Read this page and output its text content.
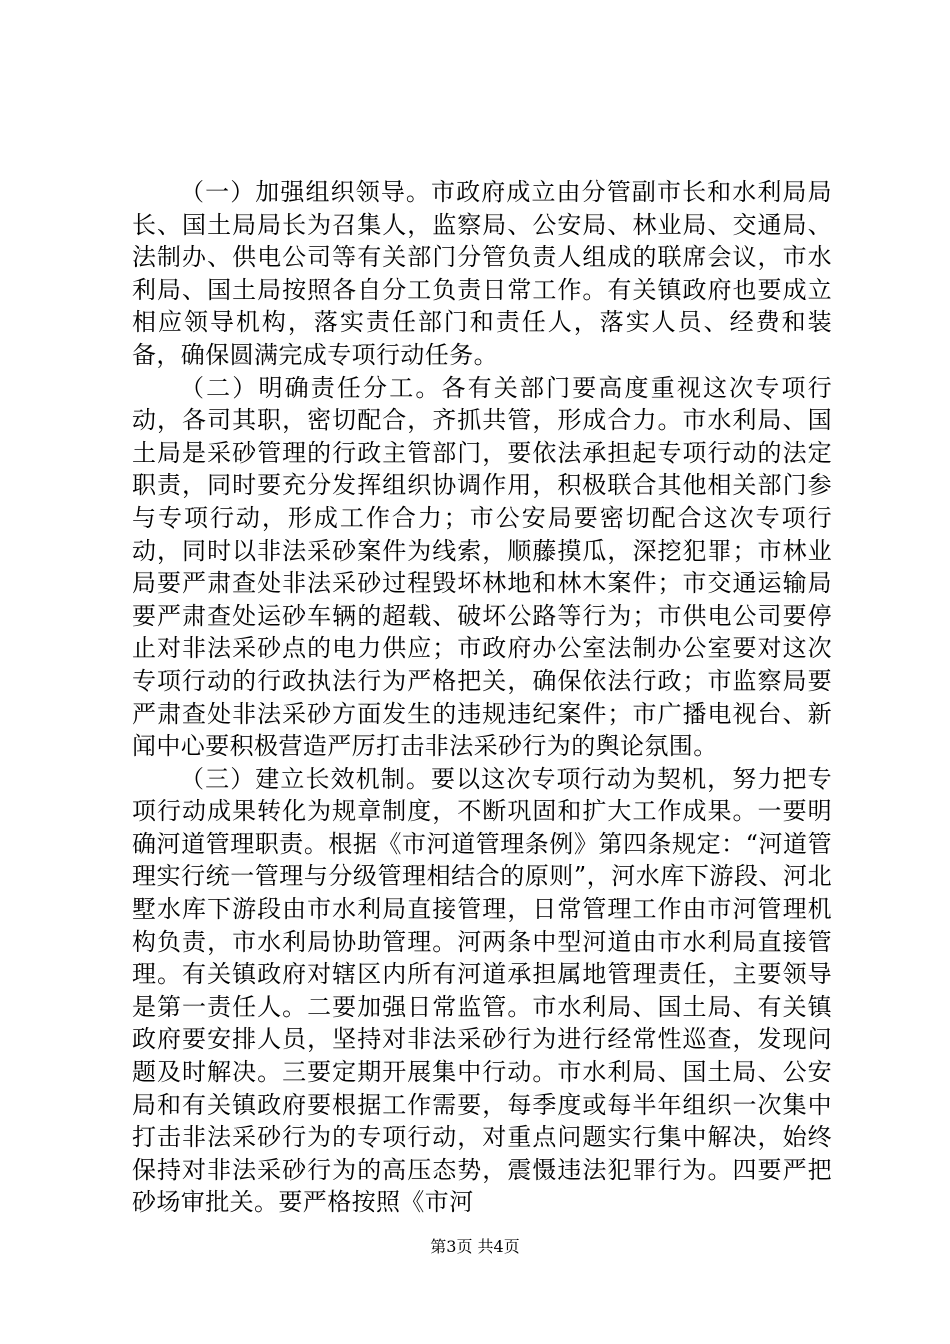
（一）加强组织领导。市政府成立由分管副市长和水利局局长、国土局局长为召集人，监察局、公安局、林业局、交通局、法制办、供电公司等有关部门分管负责人组成的联席会议，市水利局、国土局按照各自分工负责日常工作。有关镇政府也要成立相应领导机构，落实责任部门和责任人，落实人员、经费和装备，确保圆满完成专项行动任务。

（二）明确责任分工。各有关部门要高度重视这次专项行动，各司其职，密切配合，齐抓共管，形成合力。市水利局、国土局是采砂管理的行政主管部门，要依法承担起专项行动的法定职责，同时要充分发挥组织协调作用，积极联合其他相关部门参与专项行动，形成工作合力；市公安局要密切配合这次专项行动，同时以非法采砂案件为线索，顺藤摸瓜，深挖犯罪；市林业局要严肃查处非法采砂过程毁坏林地和林木案件；市交通运输局要严肃查处运砂车辆的超载、破坏公路等行为；市供电公司要停止对非法采砂点的电力供应；市政府办公室法制办公室要对这次专项行动的行政执法行为严格把关，确保依法行政；市监察局要严肃查处非法采砂方面发生的违规违纪案件；市广播电视台、新闻中心要积极营造严厉打击非法采砂行为的舆论氛围。

（三）建立长效机制。要以这次专项行动为契机，努力把专项行动成果转化为规章制度，不断巩固和扩大工作成果。一要明确河道管理职责。根据《市河道管理条例》第四条规定：“河道管理实行统一管理与分级管理相结合的原则”，河水库下游段、河北墅水库下游段由市水利局直接管理，日常管理工作由市河管理机构负责，市水利局协助管理。河两条中型河道由市水利局直接管理。有关镇政府对辖区内所有河道承担属地管理责任，主要领导是第一责任人。二要加强日常监管。市水利局、国土局、有关镇政府要安排人员，坚持对非法采砂行为进行经常性巡查，发现问题及时解决。三要定期开展集中行动。市水利局、国土局、公安局和有关镇政府要根据工作需要，每季度或每半年组织一次集中打击非法采砂行为的专项行动，对重点问题实行集中解决，始终保持对非法采砂行为的高压态势，震慑违法犯罪行为。四要严把砂场审批关。要严格按照《市河

第3页 共4页
